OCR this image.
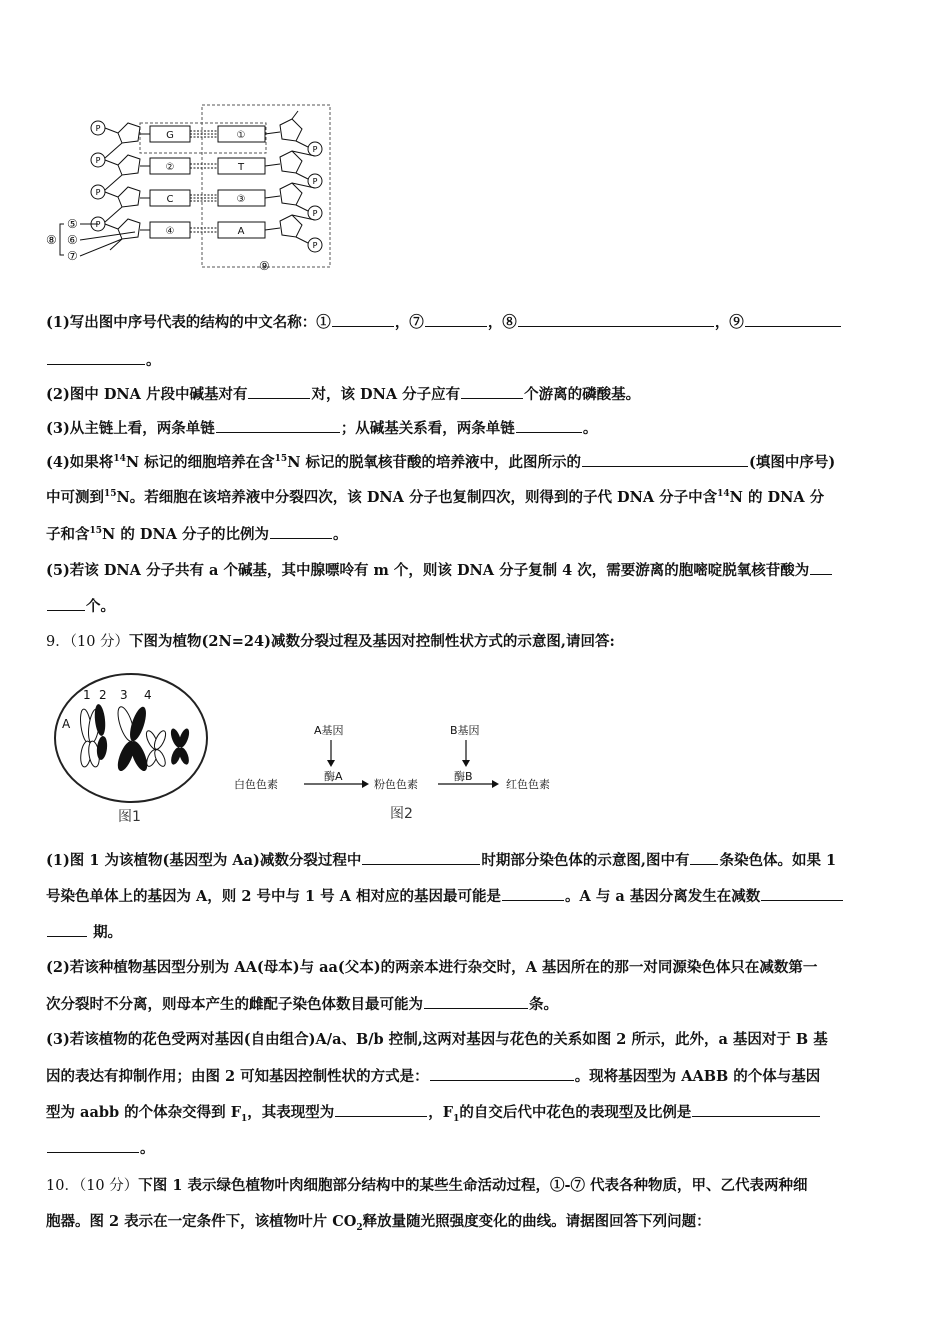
P
P
P
P
P
P
P
P
G
②
C
④
①
T
③
A
⑤
⑥
⑦
⑧
⑨
(1)写出图中序号代表的结构的中文名称：①	，⑦	，⑧	，⑨
。
(2)图中 DNA 片段中碱基对有	对，该 DNA 分子应有	个游离的磷酸基。
(3)从主链上看，两条单链	；从碱基关系看，两条单链	。
(4)如果将$^{14}$N 标记的细胞培养在含$^{15}$N 标记的脱氧核苷酸的培养液中，此图所示的	(填图中序号)
中可测到$^{15}$N。若细胞在该培养液中分裂四次，该 DNA 分子也复制四次，则得到的子代 DNA 分子中含$^{14}$N 的 DNA 分
子和含$^{15}$N 的 DNA 分子的比例为	。
(5)若该 DNA 分子共有 a 个碱基，其中腺嘌呤有 m 个，则该 DNA 分子复制 4 次，需要游离的胞嘧啶脱氧核苷酸为
个。
9．（10 分）下图为植物(2N=24)减数分裂过程及基因对控制性状方式的示意图,请回答:
1 2 3 4
A
图1
A基因	B基因
白色色素	粉色色素	红色色素
酶A	酶B
图2
(1)图 1 为该植物(基因型为 Aa)减数分裂过程中	时期部分染色体的示意图,图中有 条染色体。如果 1
号染色单体上的基因为 A，则 2 号中与 1 号 A 相对应的基因最可能是	。A 与 a 基因分离发生在减数
期。
(2)若该种植物基因型分别为 AA(母本)与 aa(父本)的两亲本进行杂交时，A 基因所在的那一对同源染色体只在减数第一
次分裂时不分离，则母本产生的雌配子染色体数目最可能为	条。
(3)若该植物的花色受两对基因(自由组合)A/a、B/b 控制,这两对基因与花色的关系如图 2 所示，此外，a 基因对于 B 基
因的表达有抑制作用；由图 2 可知基因控制性状的方式是：	。现将基因型为 AABB 的个体与基因
型为 aabb 的个体杂交得到 $F_1$，其表现型为	，$F_1$的自交后代中花色的表现型及比例是
。
10．（10 分）下图 1 表示绿色植物叶肉细胞部分结构中的某些生命活动过程，①-⑦ 代表各种物质，甲、乙代表两种细
胞器。图 2 表示在一定条件下，该植物叶片 $CO_2$释放量随光照强度变化的曲线。请据图回答下列问题：
